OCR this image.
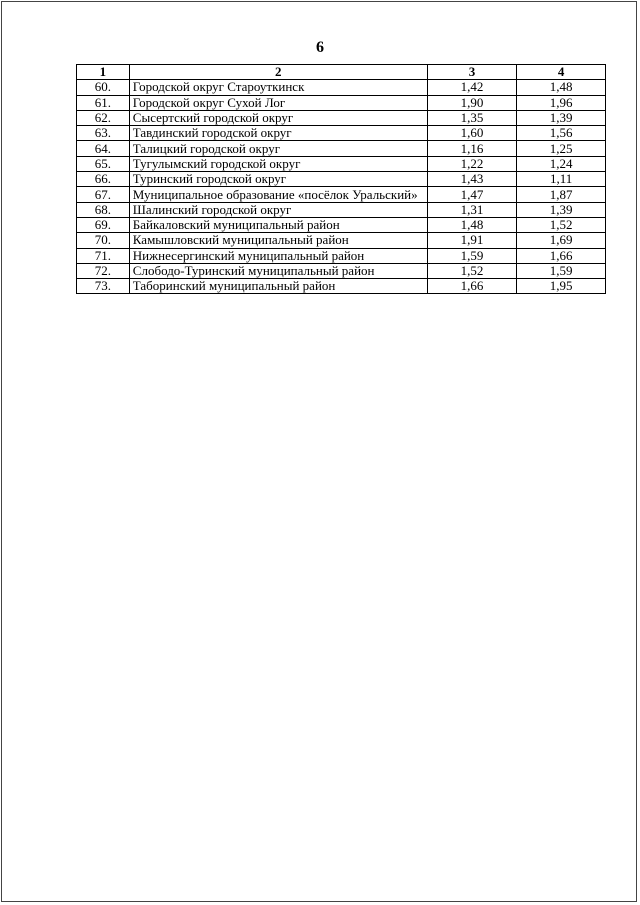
6
1	2	3	4
60.	Городской округ Староуткинск	1,42	1,48
61.	Городской округ Сухой Лог	1,90	1,96
62.	Сысертский городской округ	1,35	1,39
63.	Тавдинский городской округ	1,60	1,56
64.	Талицкий городской округ	1,16	1,25
65.	Тугулымский городской округ	1,22	1,24
66.	Туринский городской округ	1,43	1,11
67.	Муниципальное образование «посёлок Уральский»	1,47	1,87
68.	Шалинский городской округ	1,31	1,39
69.	Байкаловский муниципальный район	1,48	1,52
70.	Камышловский муниципальный район	1,91	1,69
71.	Нижнесергинский муниципальный район	1,59	1,66
72.	Слободо-Туринский муниципальный район	1,52	1,59
73.	Таборинский муниципальный район	1,66	1,95
